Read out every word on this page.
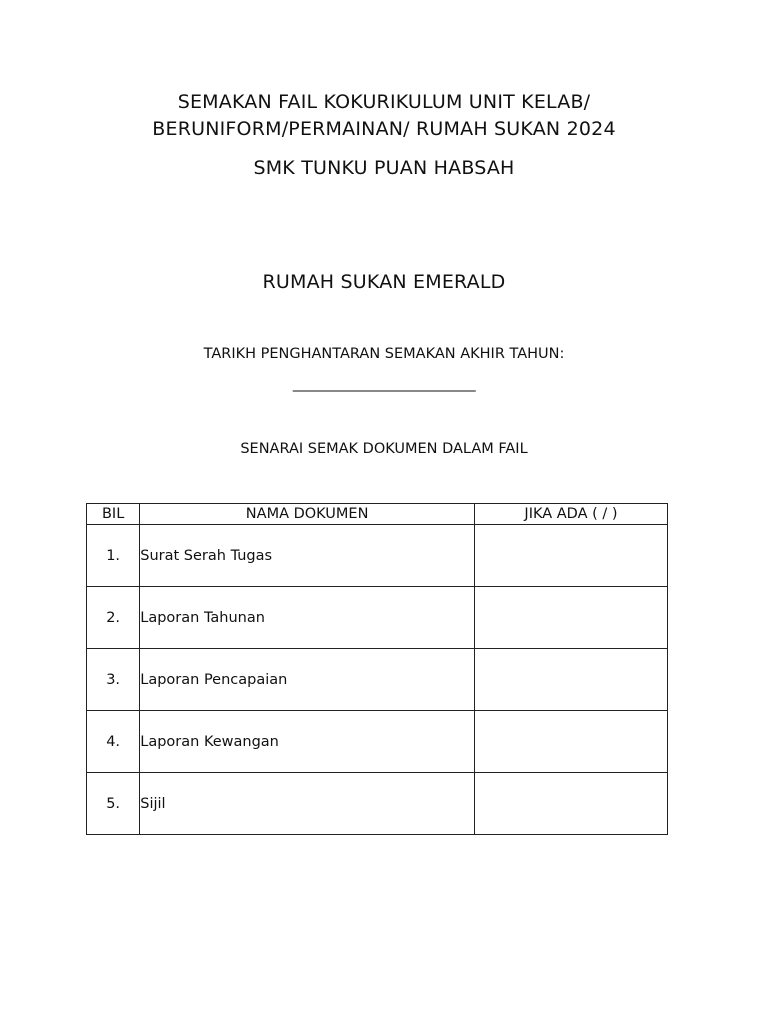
SEMAKAN FAIL KOKURIKULUM UNIT KELAB/
BERUNIFORM/PERMAINAN/ RUMAH SUKAN 2024
SMK TUNKU PUAN HABSAH
RUMAH SUKAN EMERALD
TARIKH PENGHANTARAN SEMAKAN AKHIR TAHUN:
___________________________
SENARAI SEMAK DOKUMEN DALAM FAIL
BIL	NAMA DOKUMEN	JIKA ADA ( / )
1.	Surat Serah Tugas	
2.	Laporan Tahunan	
3.	Laporan Pencapaian	
4.	Laporan Kewangan	
5.	Sijil	
